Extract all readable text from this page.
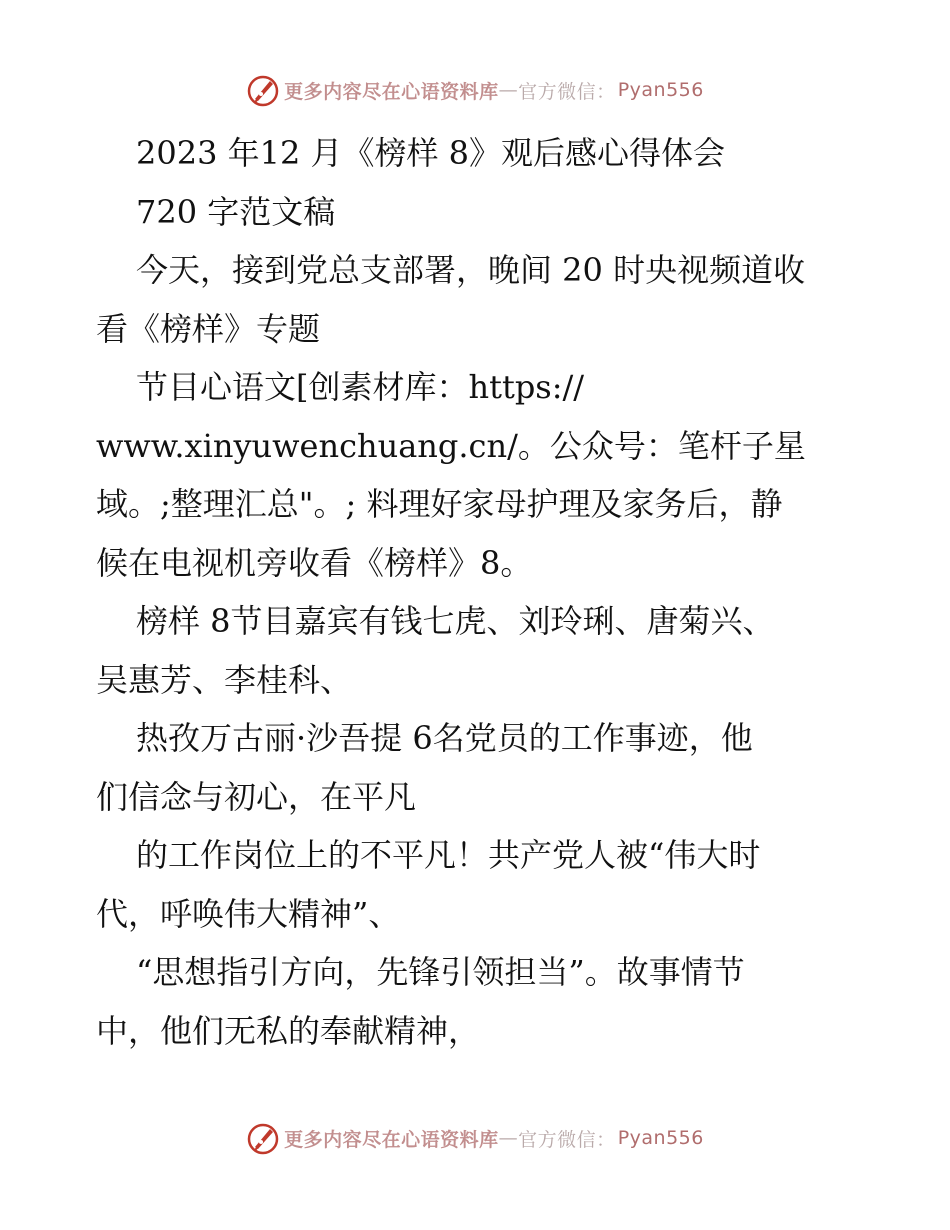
更多内容尽在心语资料库 — 官方微信： Pyan556
2023 年12 月《榜样 8》观后感心得体会
720 字范文稿
今天，接到党总支部署，晚间 20 时央视频道收
看《榜样》专题
节目心语文[创素材库：https://
www.xinyuwenchuang.cn/。公众号：笔杆子星
域。;整理汇总"。; 料理好家母护理及家务后，静
候在电视机旁收看《榜样》8。
榜样 8节目嘉宾有钱七虎、刘玲琍、唐菊兴、
吴惠芳、李桂科、
热孜万古丽·沙吾提 6名党员的工作事迹，他
们信念与初心，在平凡
的工作岗位上的不平凡！共产党人被“伟大时
代，呼唤伟大精神”、
“思想指引方向，先锋引领担当”。故事情节
中，他们无私的奉献精神，
更多内容尽在心语资料库 — 官方微信： Pyan556
